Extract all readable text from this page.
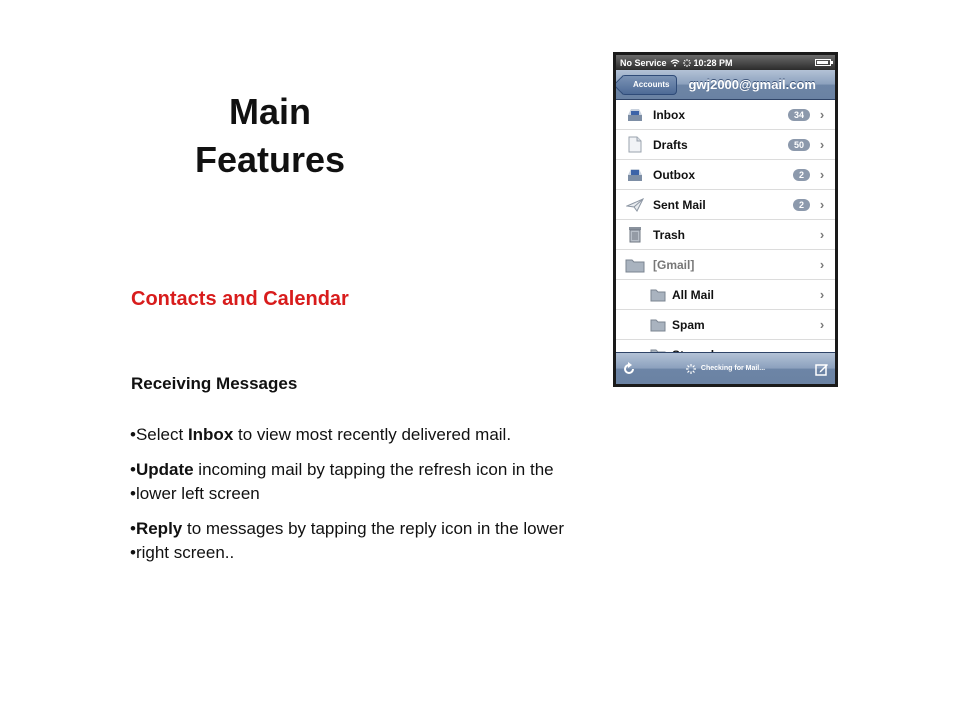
Main
Features
Contacts and Calendar
Receiving Messages
•Select Inbox to view most recently delivered mail.
•Update incoming mail by tapping the refresh icon in the
•lower left screen
•Reply to messages by tapping the reply icon in the lower
•right screen..
No Service	10:28 PM
Accounts	gwj2000@gmail.com
Inbox	34	›
Drafts	50	›
Outbox	2	›
Sent Mail	2	›
Trash	›
[Gmail]	›
All Mail	›
Spam	›
Checking for Mail...
